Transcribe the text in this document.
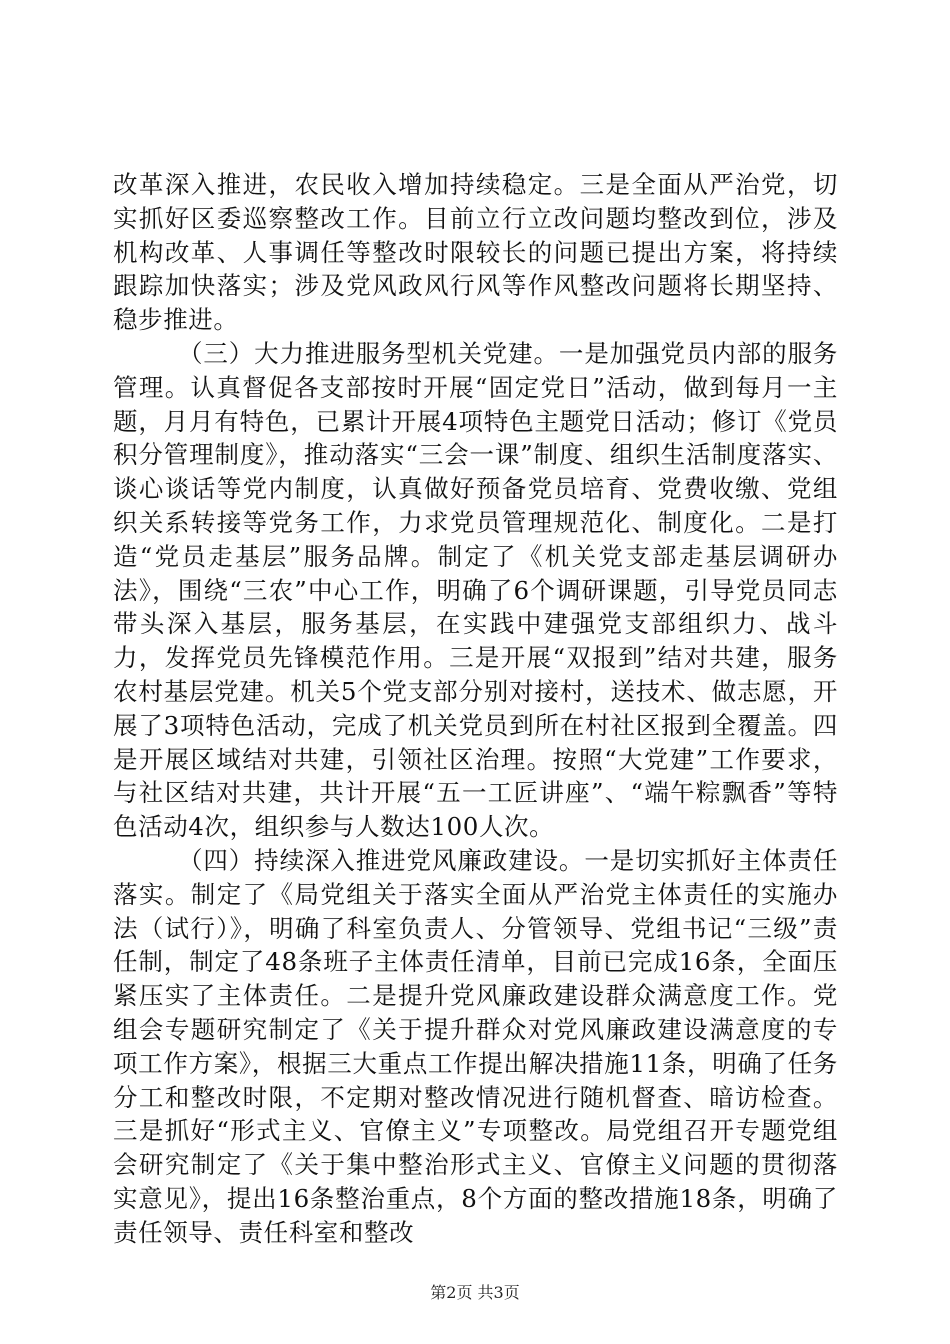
改革深入推进，农民收入增加持续稳定。三是全面从严治党，切实抓好区委巡察整改工作。目前立行立改问题均整改到位，涉及机构改革、人事调任等整改时限较长的问题已提出方案，将持续跟踪加快落实；涉及党风政风行风等作风整改问题将长期坚持、稳步推进。

（三）大力推进服务型机关党建。一是加强党员内部的服务管理。认真督促各支部按时开展“固定党日”活动，做到每月一主题，月月有特色，已累计开展4项特色主题党日活动；修订《党员积分管理制度》，推动落实“三会一课”制度、组织生活制度落实、谈心谈话等党内制度，认真做好预备党员培育、党费收缴、党组织关系转接等党务工作，力求党员管理规范化、制度化。二是打造“党员走基层”服务品牌。制定了《机关党支部走基层调研办法》，围绕“三农”中心工作，明确了6个调研课题，引导党员同志带头深入基层，服务基层，在实践中建强党支部组织力、战斗力，发挥党员先锋模范作用。三是开展“双报到”结对共建，服务农村基层党建。机关5个党支部分别对接村，送技术、做志愿，开展了3项特色活动，完成了机关党员到所在村社区报到全覆盖。四是开展区域结对共建，引领社区治理。按照“大党建”工作要求，与社区结对共建，共计开展“五一工匠讲座”、“端午粽飘香”等特色活动4次，组织参与人数达100人次。

（四）持续深入推进党风廉政建设。一是切实抓好主体责任落实。制定了《局党组关于落实全面从严治党主体责任的实施办法（试行）》，明确了科室负责人、分管领导、党组书记“三级”责任制，制定了48条班子主体责任清单，目前已完成16条，全面压紧压实了主体责任。二是提升党风廉政建设群众满意度工作。党组会专题研究制定了《关于提升群众对党风廉政建设满意度的专项工作方案》，根据三大重点工作提出解决措施11条，明确了任务分工和整改时限，不定期对整改情况进行随机督查、暗访检查。三是抓好“形式主义、官僚主义”专项整改。局党组召开专题党组会研究制定了《关于集中整治形式主义、官僚主义问题的贯彻落实意见》，提出16条整治重点，8个方面的整改措施18条，明确了责任领导、责任科室和整改

第2页 共3页
